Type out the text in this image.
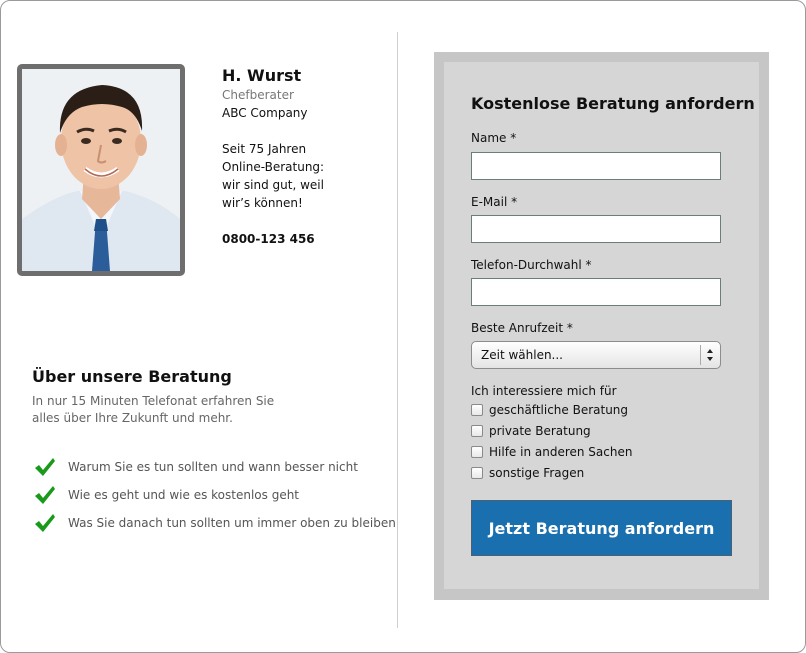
H. Wurst
Chefberater
ABC Company
Seit 75 Jahren
Online-Beratung:
wir sind gut, weil
wir’s können!
0800-123 456
Über unsere Beratung

In nur 15 Minuten Telefonat erfahren Sie alles über Ihre Zukunft und mehr.

Warum Sie es tun sollten und wann besser nicht
Wie es geht und wie es kostenlos geht
Was Sie danach tun sollten um immer oben zu bleiben
Kostenlose Beratung anfordern
Name *
E-Mail *
Telefon-Durchwahl *
Beste Anrufzeit *
Zeit wählen...
Ich interessiere mich für
geschäftliche Beratung
private Beratung
Hilfe in anderen Sachen
sonstige Fragen
Jetzt Beratung anfordern
